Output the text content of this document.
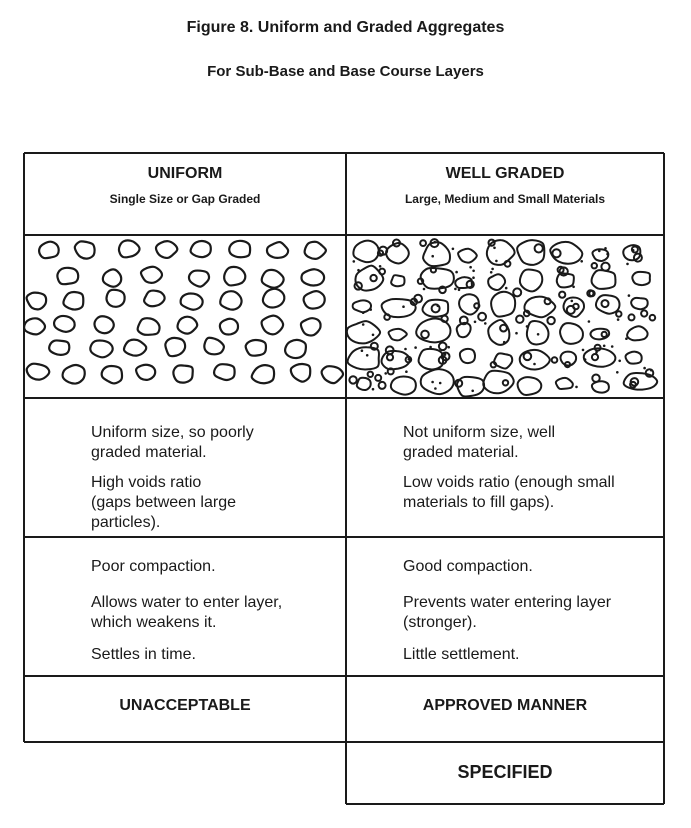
Figure 8. Uniform and Graded Aggregates
For Sub-Base and Base Course Layers
UNIFORM
Single Size or Gap Graded
WELL GRADED
Large, Medium and Small Materials
Uniform size, so poorly
graded material.
High voids ratio
(gaps between large
particles).
Not uniform size, well
graded material.
Low voids ratio (enough small
materials to fill gaps).
Poor compaction.
Allows water to enter layer,
which weakens it.
Settles in time.
Good compaction.
Prevents water entering layer
(stronger).
Little settlement.
UNACCEPTABLE	APPROVED MANNER
SPECIFIED
